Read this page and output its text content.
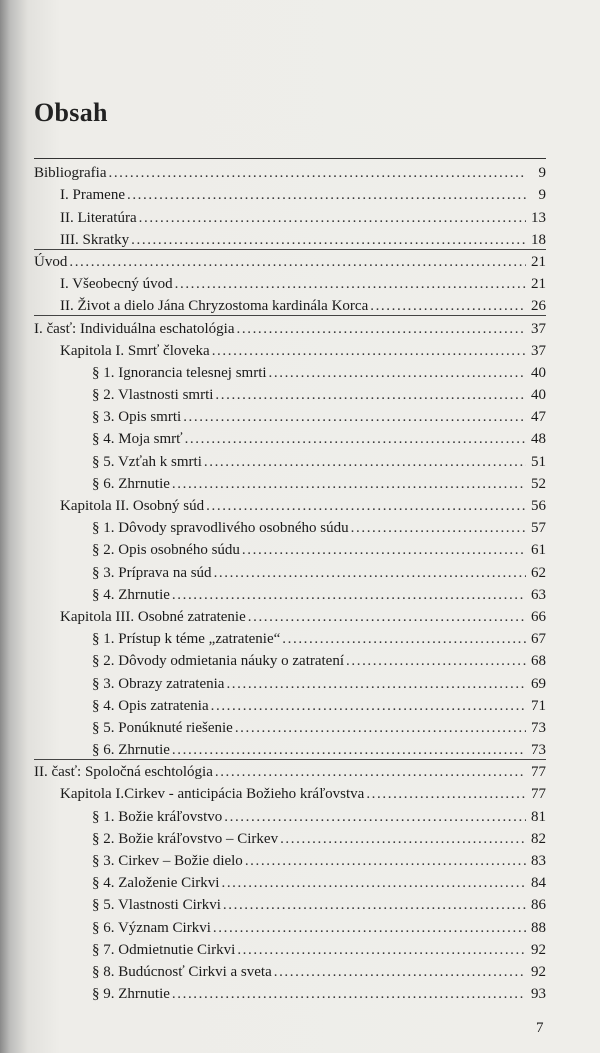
Obsah
Bibliografia .....	9
I. Pramene .....	9
II. Literatúra .....	13
III. Skratky .....	18
Úvod .....	21
I. Všeobecný úvod .....	21
II. Život a dielo Jána Chryzostoma kardinála Korca .....	26
I. časť: Individuálna eschatológia .....	37
Kapitola I. Smrť človeka .....	37
§ 1. Ignorancia telesnej smrti .....	40
§ 2. Vlastnosti smrti .....	40
§ 3. Opis smrti .....	47
§ 4. Moja smrť .....	48
§ 5. Vzťah k smrti .....	51
§ 6. Zhrnutie .....	52
Kapitola II. Osobný súd .....	56
§ 1. Dôvody spravodlivého osobného súdu .....	57
§ 2. Opis osobného súdu .....	61
§ 3. Príprava na súd .....	62
§ 4. Zhrnutie .....	63
Kapitola III. Osobné zatratenie .....	66
§ 1. Prístup k téme „zatratenie“ .....	67
§ 2. Dôvody odmietania náuky o zatratení .....	68
§ 3. Obrazy zatratenia .....	69
§ 4. Opis zatratenia .....	71
§ 5. Ponúknuté riešenie .....	73
§ 6. Zhrnutie .....	73
II. časť: Spoločná eschtológia .....	77
Kapitola I.Cirkev - anticipácia Božieho kráľovstva .....	77
§ 1. Božie kráľovstvo .....	81
§ 2. Božie kráľovstvo – Cirkev .....	82
§ 3. Cirkev – Božie dielo .....	83
§ 4. Založenie Cirkvi .....	84
§ 5. Vlastnosti Cirkvi .....	86
§ 6. Význam Cirkvi .....	88
§ 7. Odmietnutie Cirkvi .....	92
§ 8. Budúcnosť Cirkvi a sveta .....	92
§ 9. Zhrnutie .....	93
7
